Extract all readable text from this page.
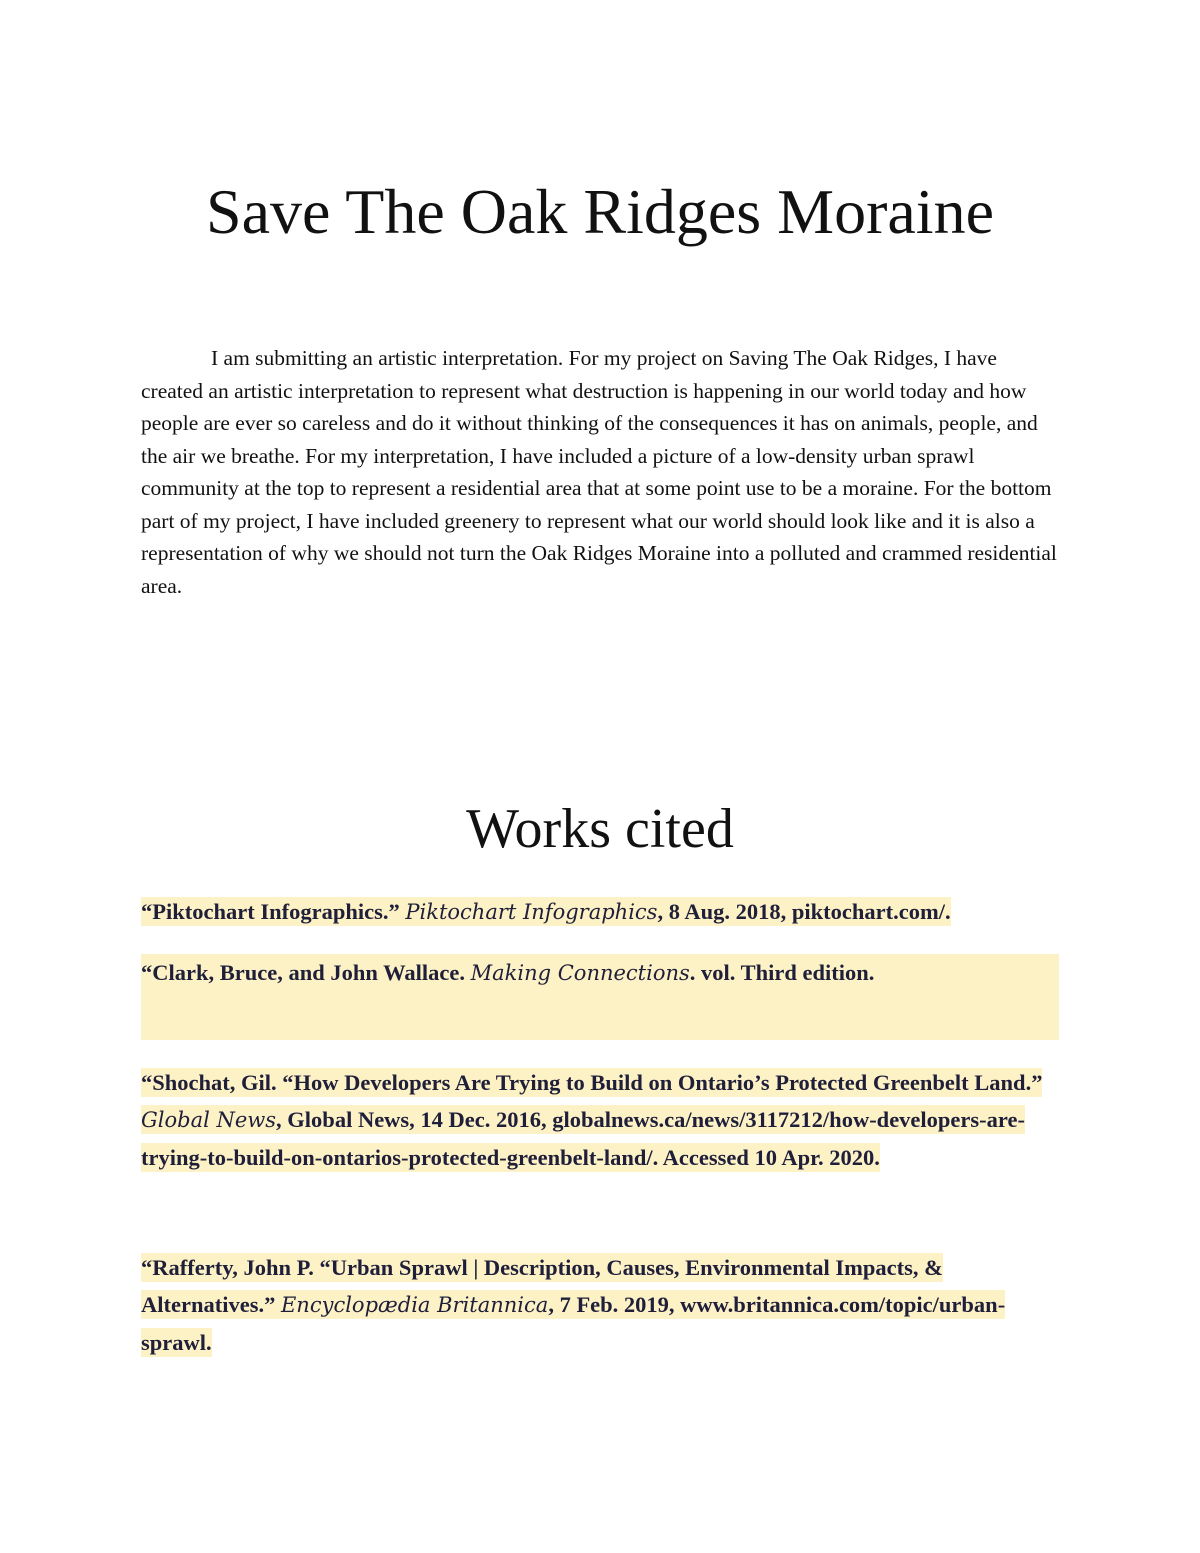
Save The Oak Ridges Moraine

I am submitting an artistic interpretation. For my project on Saving The Oak Ridges, I have created an artistic interpretation to represent what destruction is happening in our world today and how people are ever so careless and do it without thinking of the consequences it has on animals, people, and the air we breathe. For my interpretation, I have included a picture of a low-density urban sprawl community at the top to represent a residential area that at some point use to be a moraine. For the bottom part of my project, I have included greenery to represent what our world should look like and it is also a representation of why we should not turn the Oak Ridges Moraine into a polluted and crammed residential area.

Works cited

“Piktochart Infographics.” Piktochart Infographics, 8 Aug. 2018, piktochart.com/.

“Clark, Bruce, and John Wallace. Making Connections. vol. Third edition.

“Shochat, Gil. “How Developers Are Trying to Build on Ontario’s Protected Greenbelt Land.” Global News, Global News, 14 Dec. 2016, globalnews.ca/news/3117212/how-developers-are-trying-to-build-on-ontarios-protected-greenbelt-land/. Accessed 10 Apr. 2020.

“Rafferty, John P. “Urban Sprawl | Description, Causes, Environmental Impacts, & Alternatives.” Encyclopædia Britannica, 7 Feb. 2019, www.britannica.com/topic/urban-sprawl.
